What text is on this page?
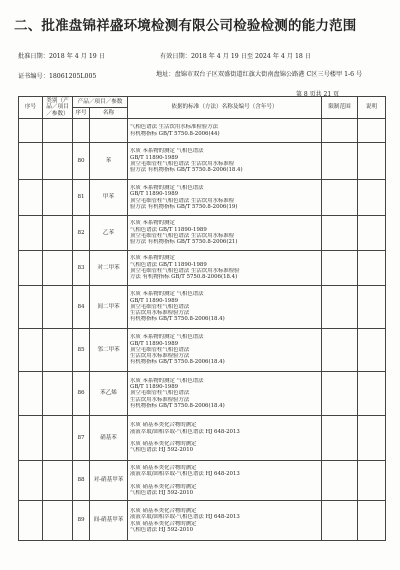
二、批准盘锦祥盛环境检测有限公司检验检测的能力范围
批准日期：2018 年 4 月 19 日	有效日期：2018 年 4 月 19 日至 2024 年 4 月 18 日
证书编号：18061205L005	地址：盘锦市双台子区双盛街道红旗大街南盘锦公路港 C区三号楼甲 1-6 号
第 8 页共 21 页
序号	类别（产品／项目／参数）	产品／项目／参数		依据的标准（方法）名称及编号（含年号）	限制范围	说明
		序号	名称			

				气相色谱法 生活饮用水标准检验方法
有机物指标 GB/T 5750.8-2006(44)		

		80	苯	水质 苯系物的测定 气相色谱法
GB/T 11890-1989
顶空毛细管柱气相色谱法 生活饮用水标准检
验方法 有机物指标 GB/T 5750.8-2006(18.4)		

		81	甲苯	水质 苯系物的测定 气相色谱法
GB/T 11890-1989
顶空毛细管柱气相色谱法 生活饮用水标准检
验方法 有机物指标 GB/T 5750.8-2006(19)		

		82	乙苯	水质 苯系物的测定
气相色谱法 GB/T 11890-1989
顶空毛细管柱气相色谱法 生活饮用水标准检
验方法 有机物指标 GB/T 5750.8-2006(21)		

		83	对二甲苯	水质 苯系物的测定
气相色谱法 GB/T 11890-1989
顶空毛细管柱气相色谱法 生活饮用水标准检验
方法 有机物指标 GB/T 5750.8-2006(18.4)		

		84	间二甲苯	水质 苯系物的测定 气相色谱法
GB/T 11890-1989
顶空毛细管柱气相色谱法
生活饮用水标准检验方法
有机物指标 GB/T 5750.8-2006(18.4)		

		85	邻二甲苯	水质 苯系物的测定 气相色谱法
GB/T 11890-1989
顶空毛细管柱气相色谱法
生活饮用水标准检验方法
有机物指标 GB/T 5750.8-2006(18.4)		

		86	苯乙烯	水质 苯系物的测定 气相色谱法
GB/T 11890-1989
顶空毛细管柱气相色谱法
生活饮用水标准检验方法
有机物指标 GB/T 5750.8-2006(18.4)		

		87	硝基苯	水质 硝基苯类化合物的测定
液液萃取/固相萃取-气相色谱法 HJ 648-2013

水质 硝基苯类化合物的测定
气相色谱法 HJ 592-2010		

		88	对-硝基甲苯	水质 硝基苯类化合物的测定
液液萃取/固相萃取-气相色谱法 HJ 648-2013

水质 硝基苯类化合物的测定
气相色谱法 HJ 592-2010		

		89	间-硝基甲苯	水质 硝基苯类化合物的测定
液液萃取/固相萃取-气相色谱法 HJ 648-2013
水质 硝基苯类化合物的测定
气相色谱法 HJ 592-2010		
